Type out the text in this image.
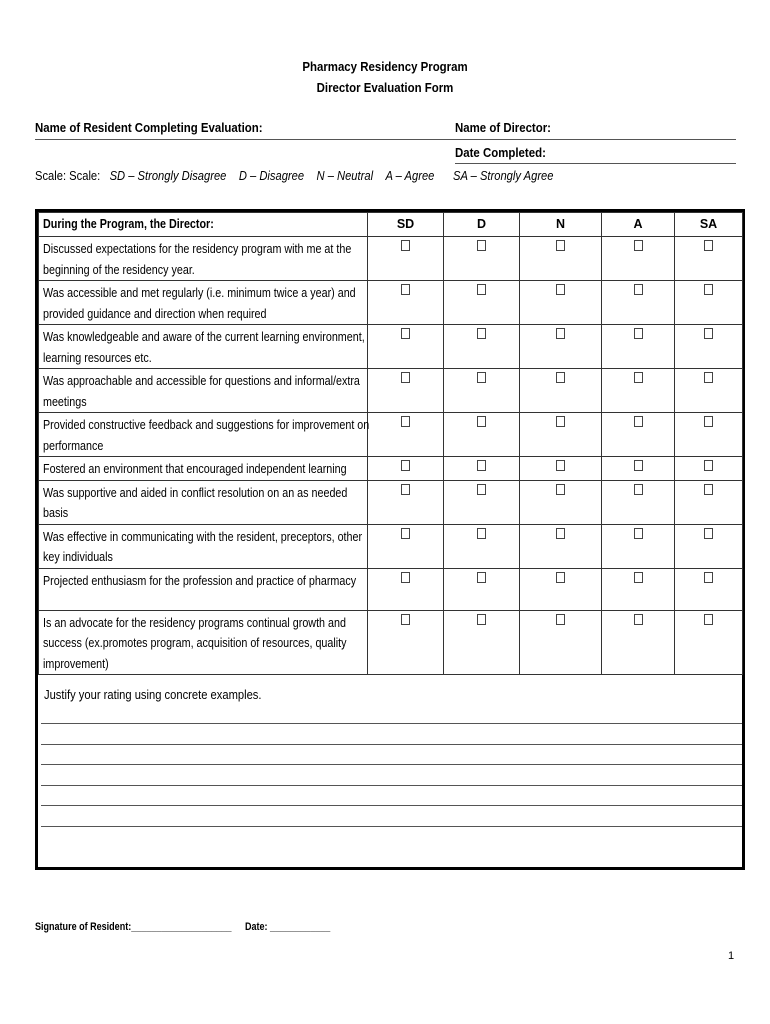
Pharmacy Residency Program
Director Evaluation Form
Name of Resident Completing Evaluation:	Name of Director:
Date Completed:
Scale: Scale: SD – Strongly Disagree D – Disagree N – Neutral A – Agree SA – Strongly Agree
During the Program, the Director:	SD	D	N	A	SA
Discussed expectations for the residency program with me at the beginning of the residency year.					
Was accessible and met regularly (i.e. minimum twice a year) and provided guidance and direction when required					
Was knowledgeable and aware of the current learning environment, learning resources etc.					
Was approachable and accessible for questions and informal/extra meetings					
Provided constructive feedback and suggestions for improvement on performance					
Fostered an environment that encouraged independent learning					
Was supportive and aided in conflict resolution on an as needed basis					
Was effective in communicating with the resident, preceptors, other key individuals					
Projected enthusiasm for the profession and practice of pharmacy					
Is an advocate for the residency programs continual growth and success (ex.promotes program, acquisition of resources, quality improvement)					
Justify your rating using concrete examples.
Signature of Resident:____________________ Date: ____________
1
